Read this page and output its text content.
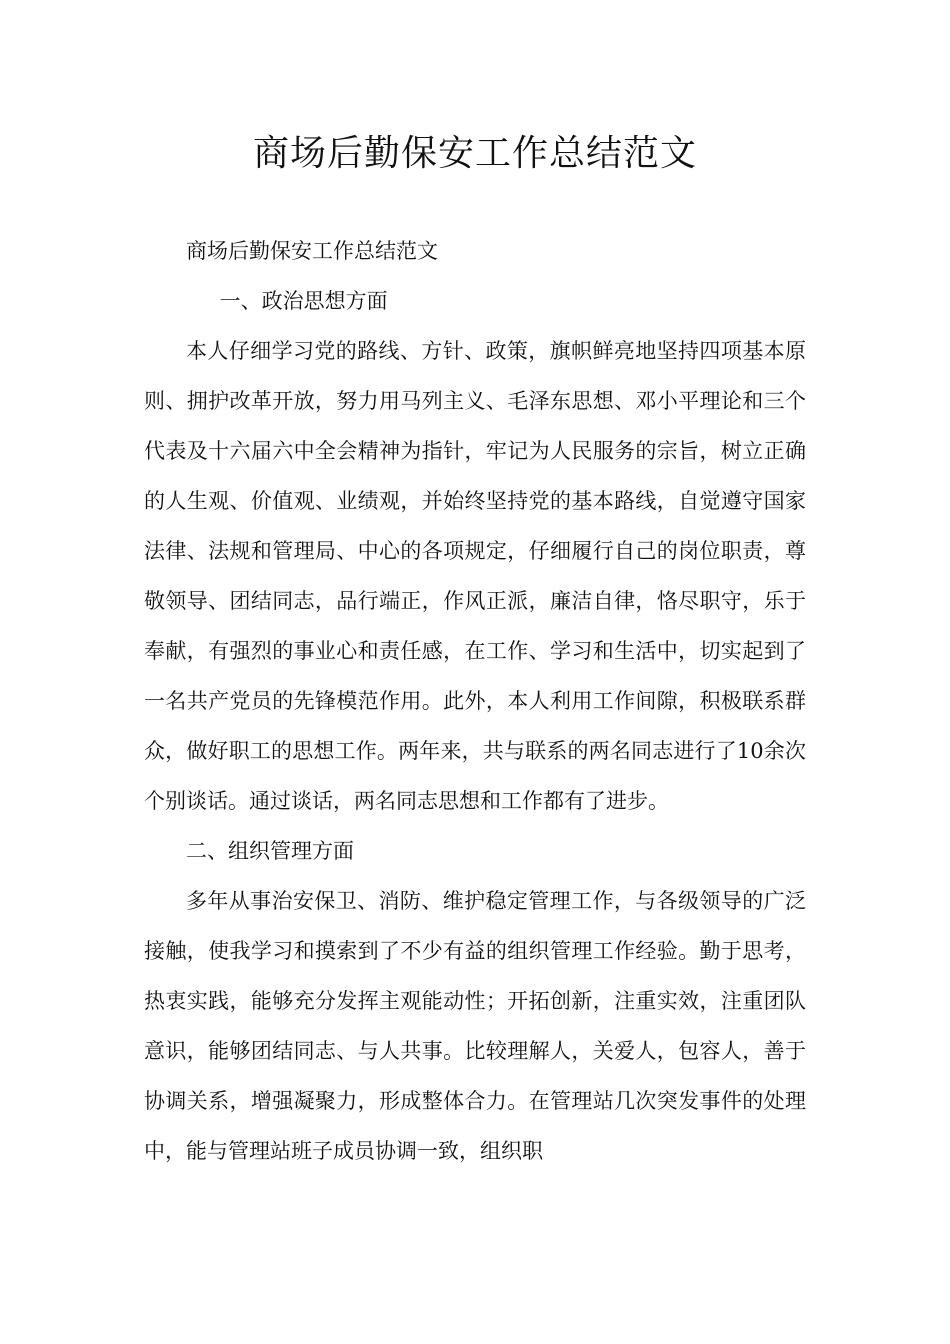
商场后勤保安工作总结范文

商场后勤保安工作总结范文

一、政治思想方面

本人仔细学习党的路线、方针、政策，旗帜鲜亮地坚持四项基本原则、拥护改革开放，努力用马列主义、毛泽东思想、邓小平理论和三个代表及十六届六中全会精神为指针，牢记为人民服务的宗旨，树立正确的人生观、价值观、业绩观，并始终坚持党的基本路线，自觉遵守国家法律、法规和管理局、中心的各项规定，仔细履行自己的岗位职责，尊敬领导、团结同志，品行端正，作风正派，廉洁自律，恪尽职守，乐于奉献，有强烈的事业心和责任感，在工作、学习和生活中，切实起到了一名共产党员的先锋模范作用。此外，本人利用工作间隙，积极联系群众，做好职工的思想工作。两年来，共与联系的两名同志进行了10余次个别谈话。通过谈话，两名同志思想和工作都有了进步。

二、组织管理方面

多年从事治安保卫、消防、维护稳定管理工作，与各级领导的广泛接触，使我学习和摸索到了不少有益的组织管理工作经验。勤于思考，热衷实践，能够充分发挥主观能动性；开拓创新，注重实效，注重团队意识，能够团结同志、与人共事。比较理解人，关爱人，包容人，善于协调关系，增强凝聚力，形成整体合力。在管理站几次突发事件的处理中，能与管理站班子成员协调一致，组织职
